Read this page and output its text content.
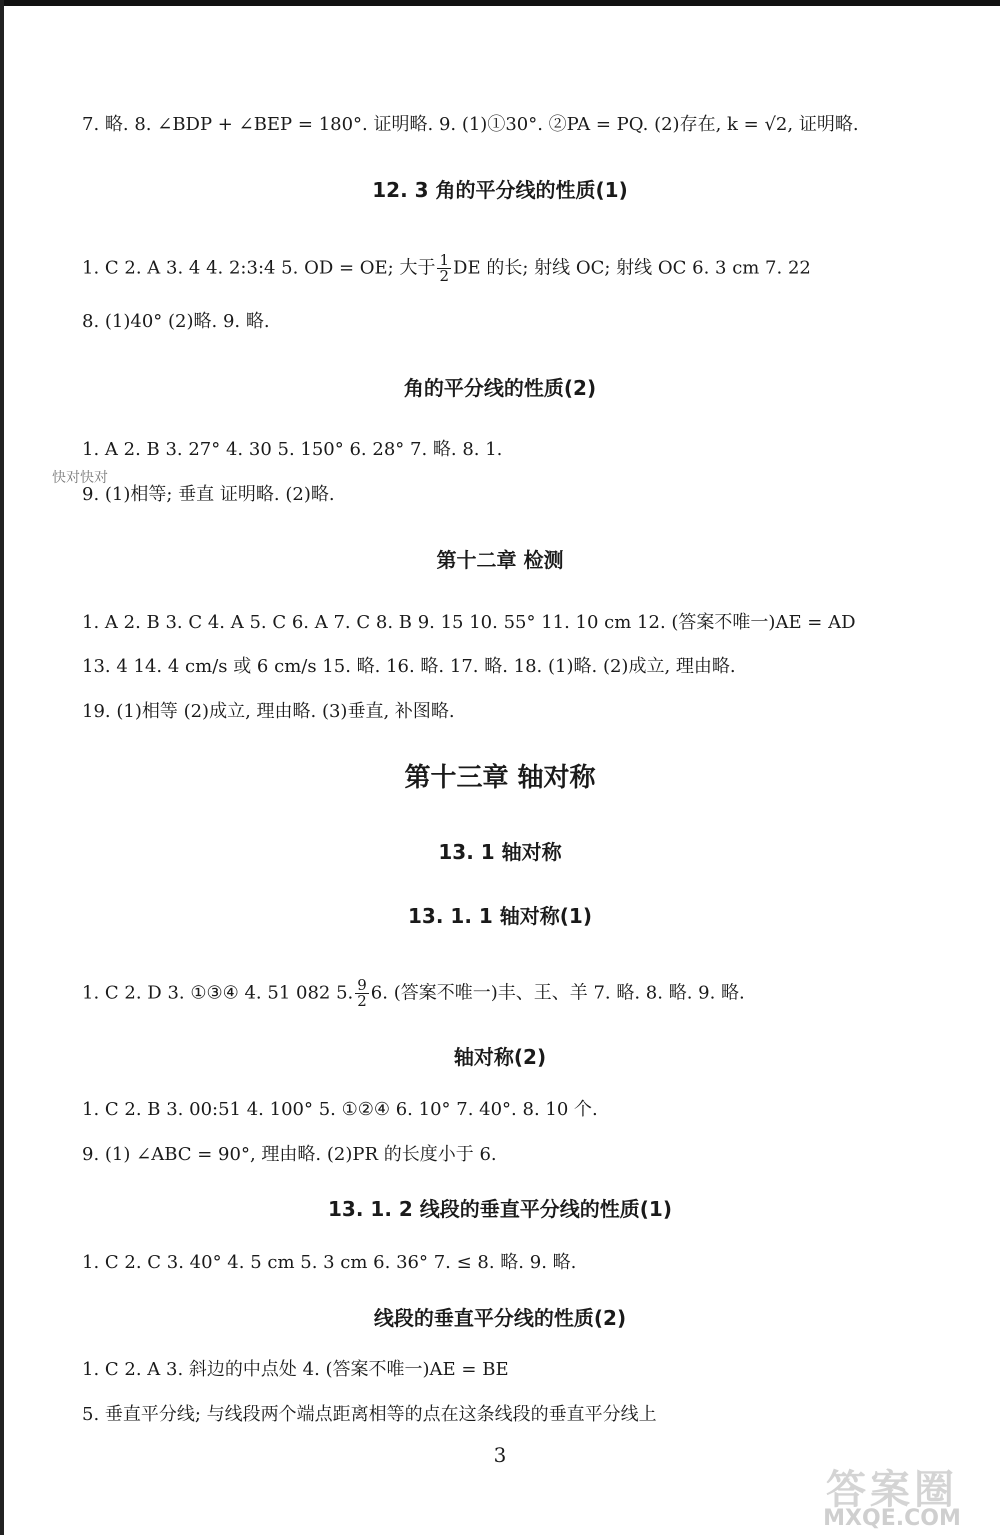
7. 略. 8. ∠BDP + ∠BEP = 180°. 证明略. 9. (1)①30°. ②PA = PQ. (2)存在, k = √2, 证明略.
12. 3 角的平分线的性质(1)
1. C 2. A 3. 4 4. 2:3:4 5. OD = OE; 大于 $\frac{1}{2}$ DE 的长; 射线 OC; 射线 OC 6. 3 cm 7. 22
8. (1)40° (2)略. 9. 略.
角的平分线的性质(2)
1. A 2. B 3. 27° 4. 30 5. 150° 6. 28° 7. 略. 8. 1.
9. (1)相等; 垂直 证明略. (2)略.
快对快对
第十二章 检测
1. A 2. B 3. C 4. A 5. C 6. A 7. C 8. B 9. 15 10. 55° 11. 10 cm 12. (答案不唯一)AE = AD
13. 4 14. 4 cm/s 或 6 cm/s 15. 略. 16. 略. 17. 略. 18. (1)略. (2)成立, 理由略.
19. (1)相等 (2)成立, 理由略. (3)垂直, 补图略.
第十三章 轴对称
13. 1 轴对称
13. 1. 1 轴对称(1)
1. C 2. D 3. ①③④ 4. 51 082 5. $\frac{9}{2} 6$. (答案不唯一)丰、王、羊 7. 略. 8. 略. 9. 略.
轴对称(2)
1. C 2. B 3. 00:51 4. 100° 5. ①②④ 6. 10° 7. 40°. 8. 10 个.
9. (1) ∠ABC = 90°, 理由略. (2)PR 的长度小于 6.
13. 1. 2 线段的垂直平分线的性质(1)
1. C 2. C 3. 40° 4. 5 cm 5. 3 cm 6. 36° 7. ≤ 8. 略. 9. 略.
线段的垂直平分线的性质(2)
1. C 2. A 3. 斜边的中点处 4. (答案不唯一)AE = BE
5. 垂直平分线; 与线段两个端点距离相等的点在这条线段的垂直平分线上
3
答案圈
MXQE.COM
